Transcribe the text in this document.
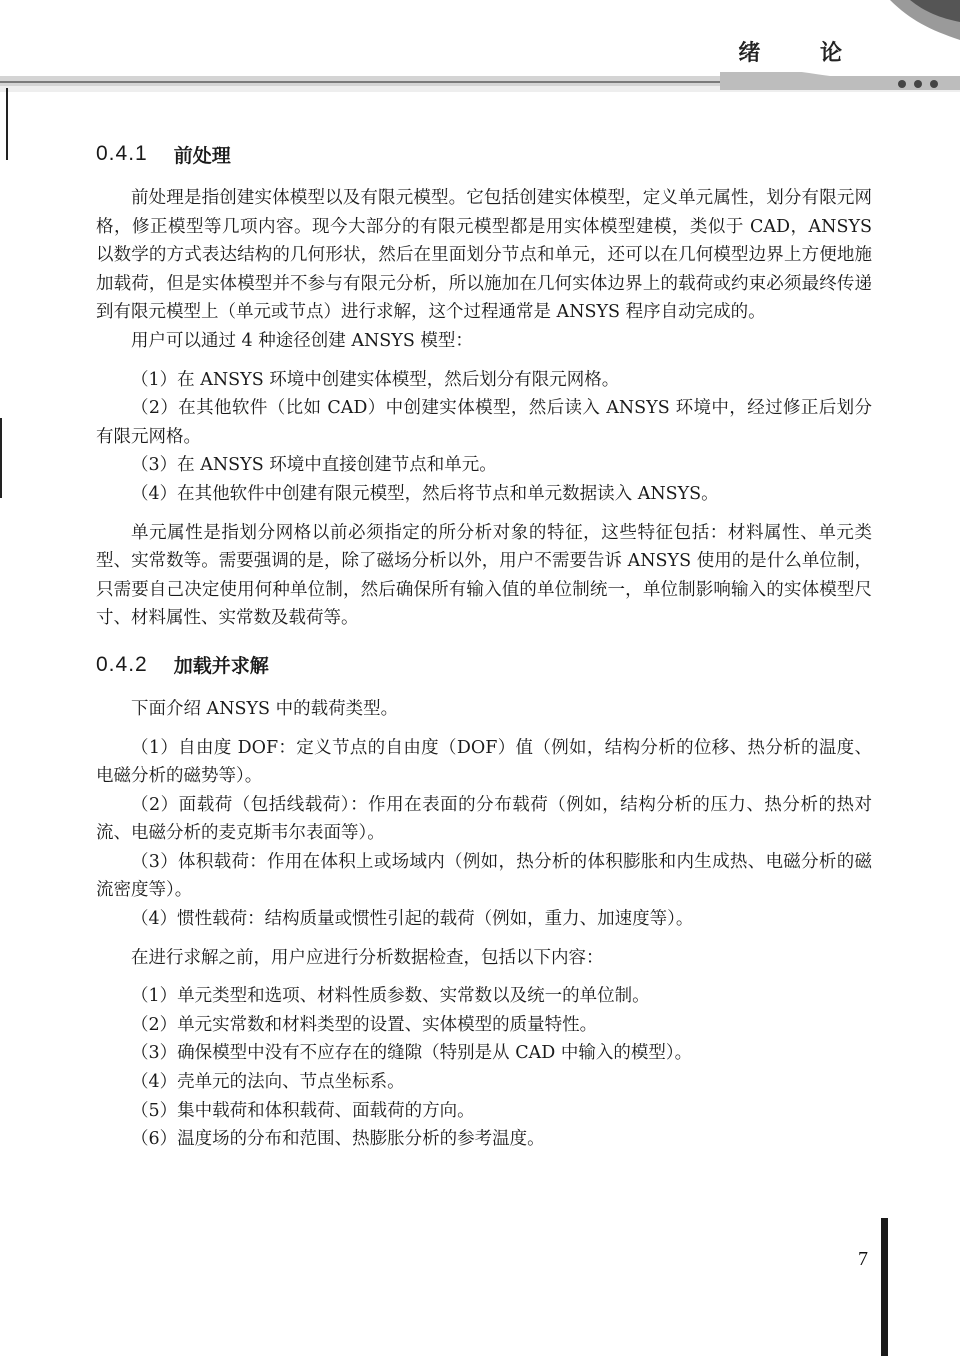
绪 论
0.4.1 前处理

前处理是指创建实体模型以及有限元模型。它包括创建实体模型，定义单元属性，划分有限元网格，修正模型等几项内容。现今大部分的有限元模型都是用实体模型建模，类似于 CAD，ANSYS 以数学的方式表达结构的几何形状，然后在里面划分节点和单元，还可以在几何模型边界上方便地施加载荷，但是实体模型并不参与有限元分析，所以施加在几何实体边界上的载荷或约束必须最终传递到有限元模型上（单元或节点）进行求解，这个过程通常是 ANSYS 程序自动完成的。

用户可以通过 4 种途径创建 ANSYS 模型：

（1）在 ANSYS 环境中创建实体模型，然后划分有限元网格。

（2）在其他软件（比如 CAD）中创建实体模型，然后读入 ANSYS 环境中，经过修正后划分有限元网格。

（3）在 ANSYS 环境中直接创建节点和单元。

（4）在其他软件中创建有限元模型，然后将节点和单元数据读入 ANSYS。

单元属性是指划分网格以前必须指定的所分析对象的特征，这些特征包括：材料属性、单元类型、实常数等。需要强调的是，除了磁场分析以外，用户不需要告诉 ANSYS 使用的是什么单位制，只需要自己决定使用何种单位制，然后确保所有输入值的单位制统一，单位制影响输入的实体模型尺寸、材料属性、实常数及载荷等。

0.4.2 加载并求解

下面介绍 ANSYS 中的载荷类型。

（1）自由度 DOF：定义节点的自由度（DOF）值（例如，结构分析的位移、热分析的温度、电磁分析的磁势等）。

（2）面载荷（包括线载荷）：作用在表面的分布载荷（例如，结构分析的压力、热分析的热对流、电磁分析的麦克斯韦尔表面等）。

（3）体积载荷：作用在体积上或场域内（例如，热分析的体积膨胀和内生成热、电磁分析的磁流密度等）。

（4）惯性载荷：结构质量或惯性引起的载荷（例如，重力、加速度等）。

在进行求解之前，用户应进行分析数据检查，包括以下内容：

（1）单元类型和选项、材料性质参数、实常数以及统一的单位制。

（2）单元实常数和材料类型的设置、实体模型的质量特性。

（3）确保模型中没有不应存在的缝隙（特别是从 CAD 中输入的模型）。

（4）壳单元的法向、节点坐标系。

（5）集中载荷和体积载荷、面载荷的方向。

（6）温度场的分布和范围、热膨胀分析的参考温度。

7
